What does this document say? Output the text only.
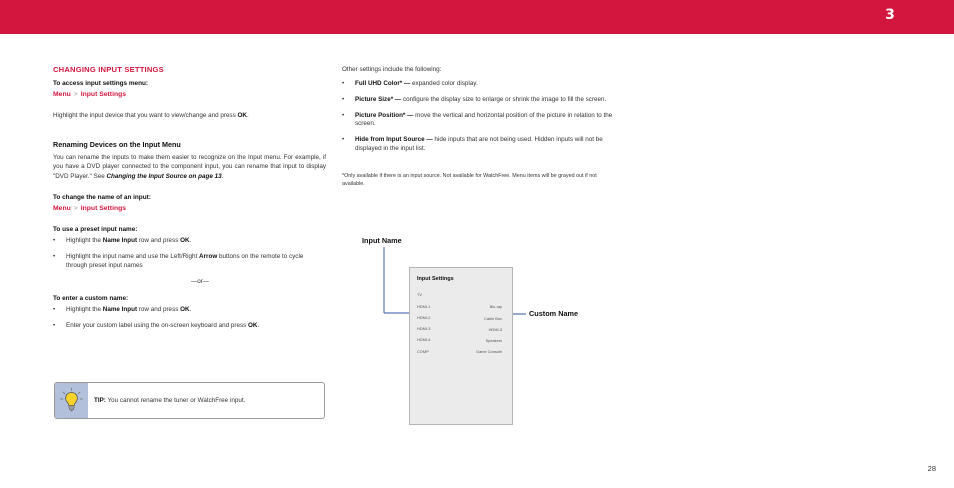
3
CHANGING INPUT SETTINGS
To access input settings menu:
Menu > Input Settings
Highlight the input device that you want to view/change and press OK.
Renaming Devices on the Input Menu
You can rename the inputs to make them easier to recognize on the Input menu. For example, if you have a DVD player connected to the component input, you can rename that input to display "DVD Player." See Changing the Input Source on page 13.
To change the name of an input:
Menu > Input Settings
To use a preset input name:
• Highlight the Name Input row and press OK.
• Highlight the input name and use the Left/Right Arrow buttons on the remote to cycle through preset input names
—or—
To enter a custom name:
• Highlight the Name Input row and press OK.
• Enter your custom label using the on-screen keyboard and press OK.
TIP: You cannot rename the tuner or WatchFree input.
Other settings include the following:
• Full UHD Color* — expanded color display.
• Picture Size* — configure the display size to enlarge or shrink the image to fill the screen.
• Picture Position* — move the vertical and horizontal position of the picture in relation to the screen.
• Hide from Input Source — hide inputs that are not being used. Hidden inputs will not be displayed in the input list.
*Only available if there is an input source. Not available for WatchFree. Menu items will be grayed out if not available.
Input Name
Custom Name
Input Settings
TV
HDMI-1	Blu-ray
HDMI-2	Cable Box
HDMI-3	HDMI-3
HDMI-4	Speakers
COMP	Game Console
28
